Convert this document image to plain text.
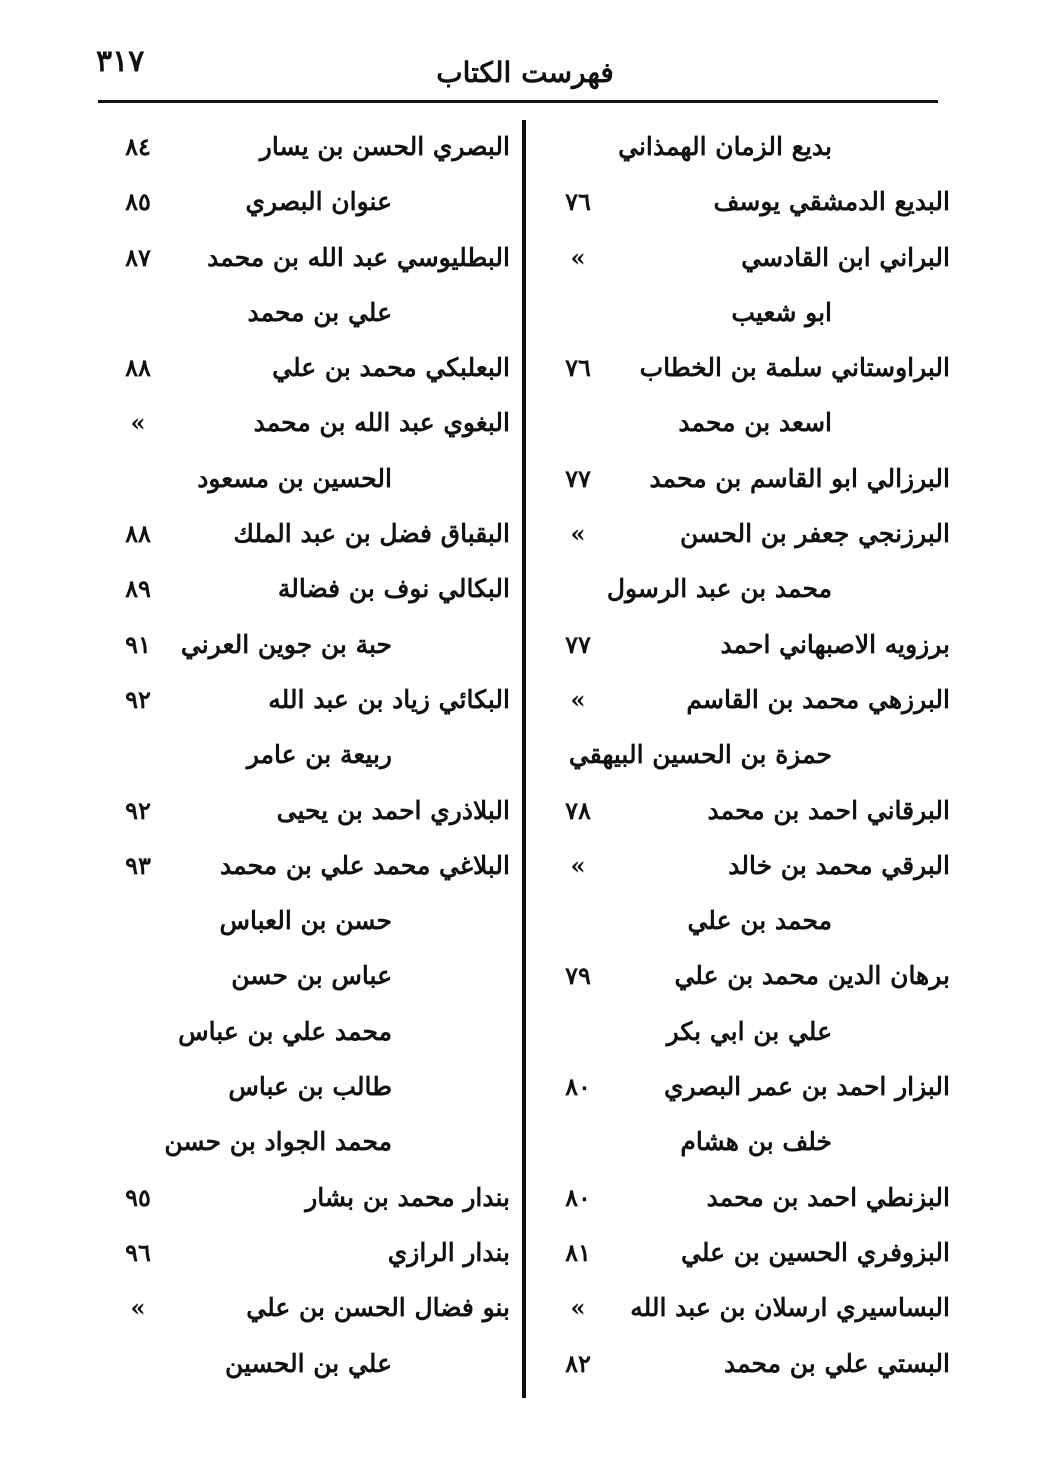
٣١٧	فهرست الكتاب
بديع الزمان الهمذاني
البديع الدمشقي يوسف
٧٦
البراني ابن القادسي
«
ابو شعيب
البراوستاني سلمة بن الخطاب
٧٦
اسعد بن محمد
البرزالي ابو القاسم بن محمد
٧٧
البرزنجي جعفر بن الحسن
«
محمد بن عبد الرسول
برزويه الاصبهاني احمد
٧٧
البرزهي محمد بن القاسم
«
حمزة بن الحسين البيهقي
البرقاني احمد بن محمد
٧٨
البرقي محمد بن خالد
«
محمد بن علي
برهان الدين محمد بن علي
٧٩
علي بن ابي بكر
البزار احمد بن عمر البصري
٨٠
خلف بن هشام
البزنطي احمد بن محمد
٨٠
البزوفري الحسين بن علي
٨١
البساسيري ارسلان بن عبد الله
«
البستي علي بن محمد
٨٢
البصري الحسن بن يسار
٨٤
عنوان البصري
٨٥
البطليوسي عبد الله بن محمد
٨٧
علي بن محمد
البعلبكي محمد بن علي
٨٨
البغوي عبد الله بن محمد
«
الحسين بن مسعود
البقباق فضل بن عبد الملك
٨٨
البكالي نوف بن فضالة
٨٩
حبة بن جوين العرني
٩١
البكائي زياد بن عبد الله
٩٢
ربيعة بن عامر
البلاذري احمد بن يحيى
٩٢
البلاغي محمد علي بن محمد
٩٣
حسن بن العباس
عباس بن حسن
محمد علي بن عباس
طالب بن عباس
محمد الجواد بن حسن
بندار محمد بن بشار
٩٥
بندار الرازي
٩٦
بنو فضال الحسن بن علي
«
علي بن الحسين
